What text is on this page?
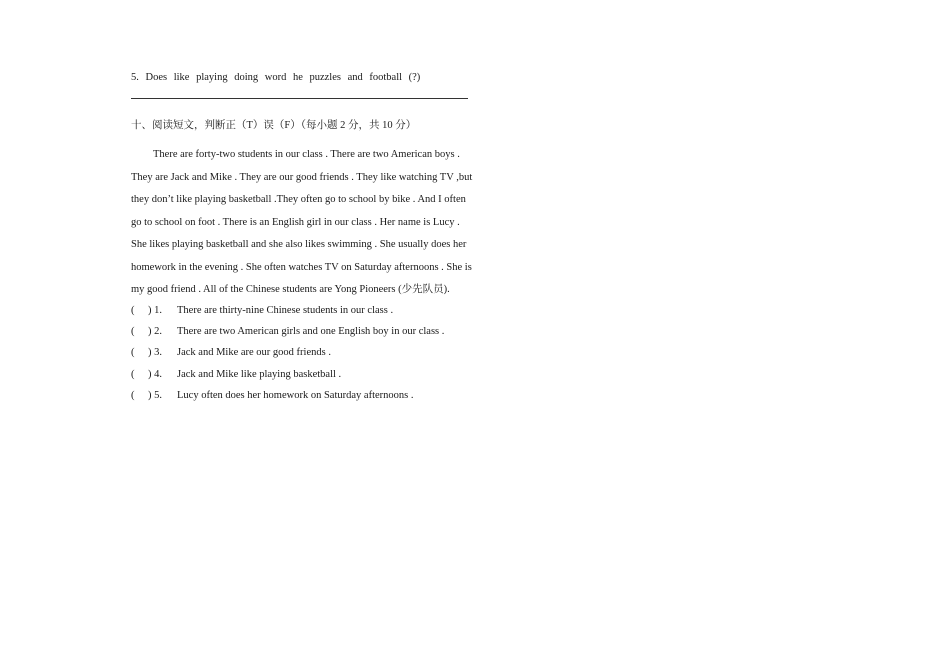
5. Does like playing doing word he puzzles and football (?)
十、阅读短文，判断正（T）误（F）（每小题 2 分，共 10 分）
There are forty-two students in our class . There are two American boys .
They are Jack and Mike . They are our good friends . They like watching TV ,but
they don’t like playing basketball .They often go to school by bike . And I often
go to school on foot . There is an English girl in our class . Her name is Lucy .
She likes playing basketball and she also likes swimming . She usually does her
homework in the evening . She often watches TV on Saturday afternoons . She is
my good friend . All of the Chinese students are Yong Pioneers (少先队员).
( ) 1. There are thirty-nine Chinese students in our class .
( ) 2. There are two American girls and one English boy in our class .
( ) 3. Jack and Mike are our good friends .
( ) 4. Jack and Mike like playing basketball .
( ) 5. Lucy often does her homework on Saturday afternoons .
